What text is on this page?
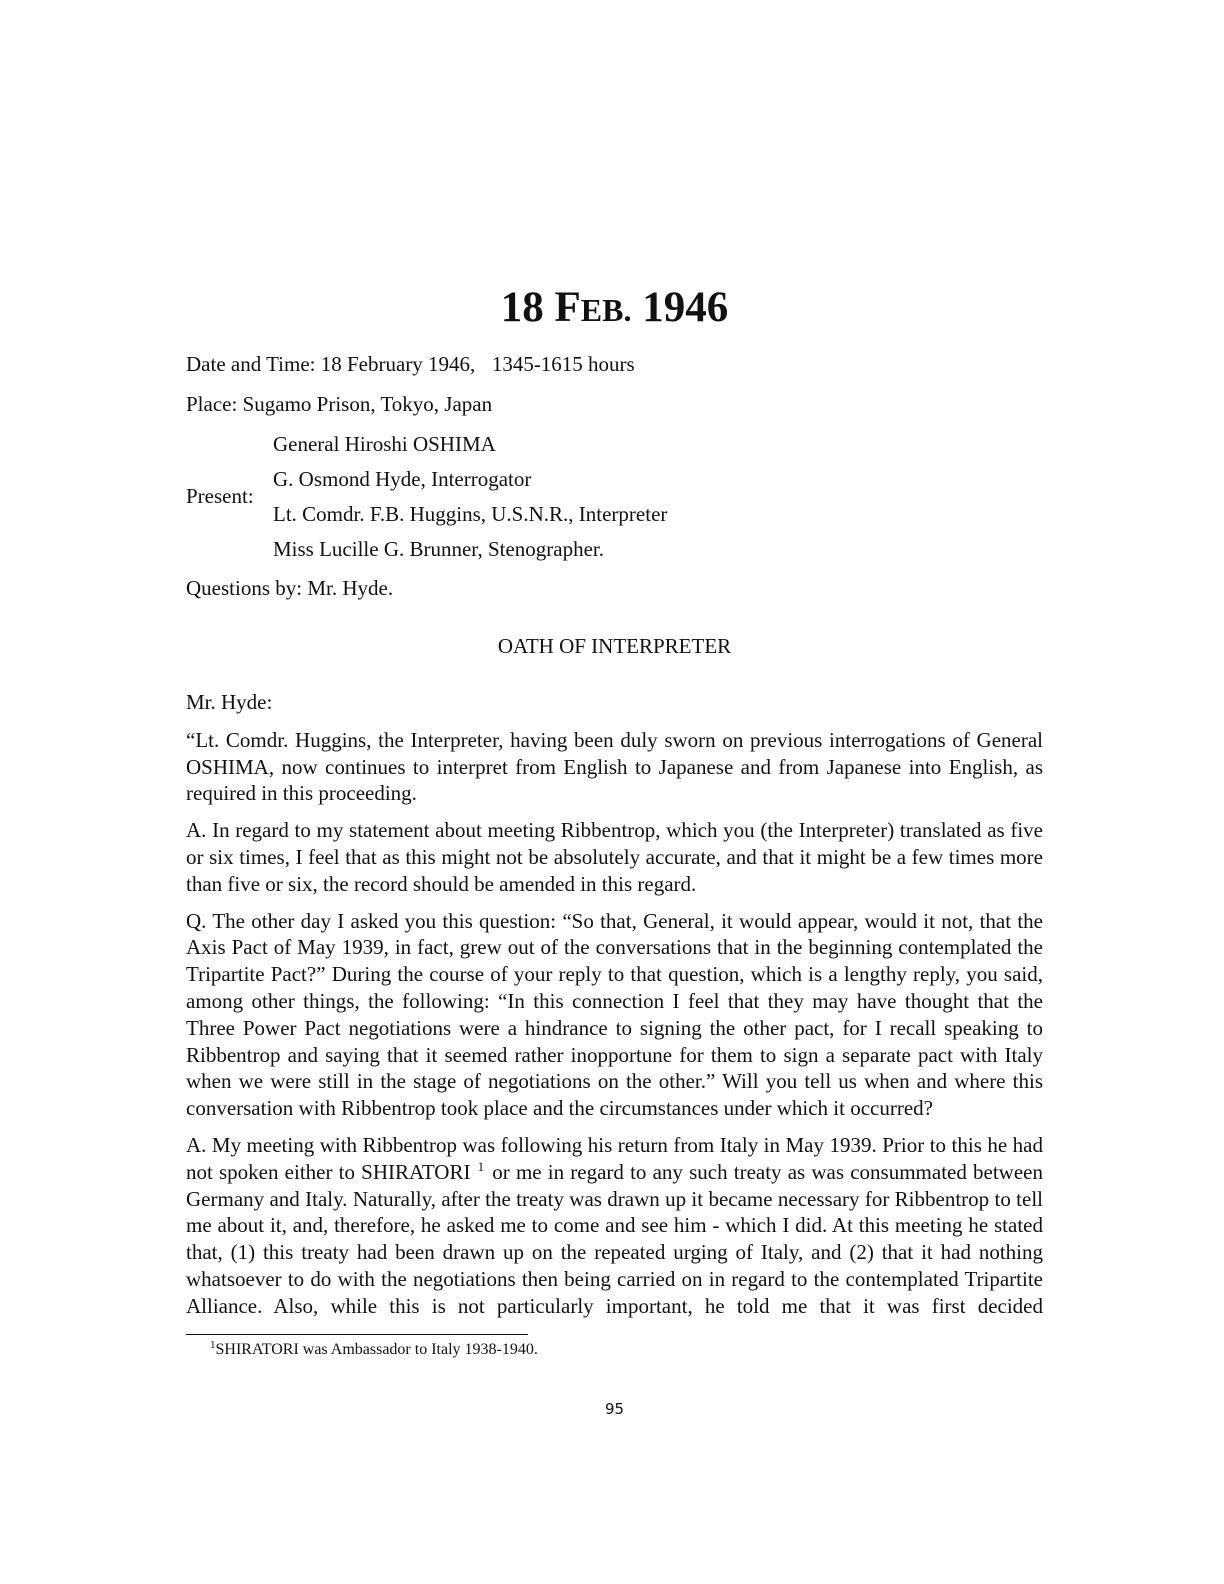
18 FEB. 1946
Date and Time: 18 February 1946, 1345-1615 hours
Place: Sugamo Prison, Tokyo, Japan
Present:
General Hiroshi OSHIMA
G. Osmond Hyde, Interrogator
Lt. Comdr. F.B. Huggins, U.S.N.R., Interpreter
Miss Lucille G. Brunner, Stenographer.
Questions by: Mr. Hyde.
OATH OF INTERPRETER

Mr. Hyde:

“Lt. Comdr. Huggins, the Interpreter, having been duly sworn on previous interrogations of General OSHIMA, now continues to interpret from English to Japanese and from Japanese into English, as required in this proceeding.

A. In regard to my statement about meeting Ribbentrop, which you (the Interpreter) translated as five or six times, I feel that as this might not be absolutely accurate, and that it might be a few times more than five or six, the record should be amended in this regard.

Q. The other day I asked you this question: “So that, General, it would appear, would it not, that the Axis Pact of May 1939, in fact, grew out of the conversations that in the beginning contemplated the Tripartite Pact?” During the course of your reply to that question, which is a lengthy reply, you said, among other things, the following: “In this connection I feel that they may have thought that the Three Power Pact negotiations were a hindrance to signing the other pact, for I recall speaking to Ribbentrop and saying that it seemed rather inopportune for them to sign a separate pact with Italy when we were still in the stage of negotiations on the other.” Will you tell us when and where this conversation with Ribbentrop took place and the circumstances under which it occurred?

A. My meeting with Ribbentrop was following his return from Italy in May 1939. Prior to this he had not spoken either to SHIRATORI $^1$ or me in regard to any such treaty as was consummated between Germany and Italy. Naturally, after the treaty was drawn up it became necessary for Ribbentrop to tell me about it, and, therefore, he asked me to come and see him - which I did. At this meeting he stated that, (1) this treaty had been drawn up on the repeated urging of Italy, and (2) that it had nothing whatsoever to do with the negotiations then being carried on in regard to the contemplated Tripartite Alliance. Also, while this is not particularly important, he told me that it was first decided

$^1$SHIRATORI was Ambassador to Italy 1938-1940.
95
